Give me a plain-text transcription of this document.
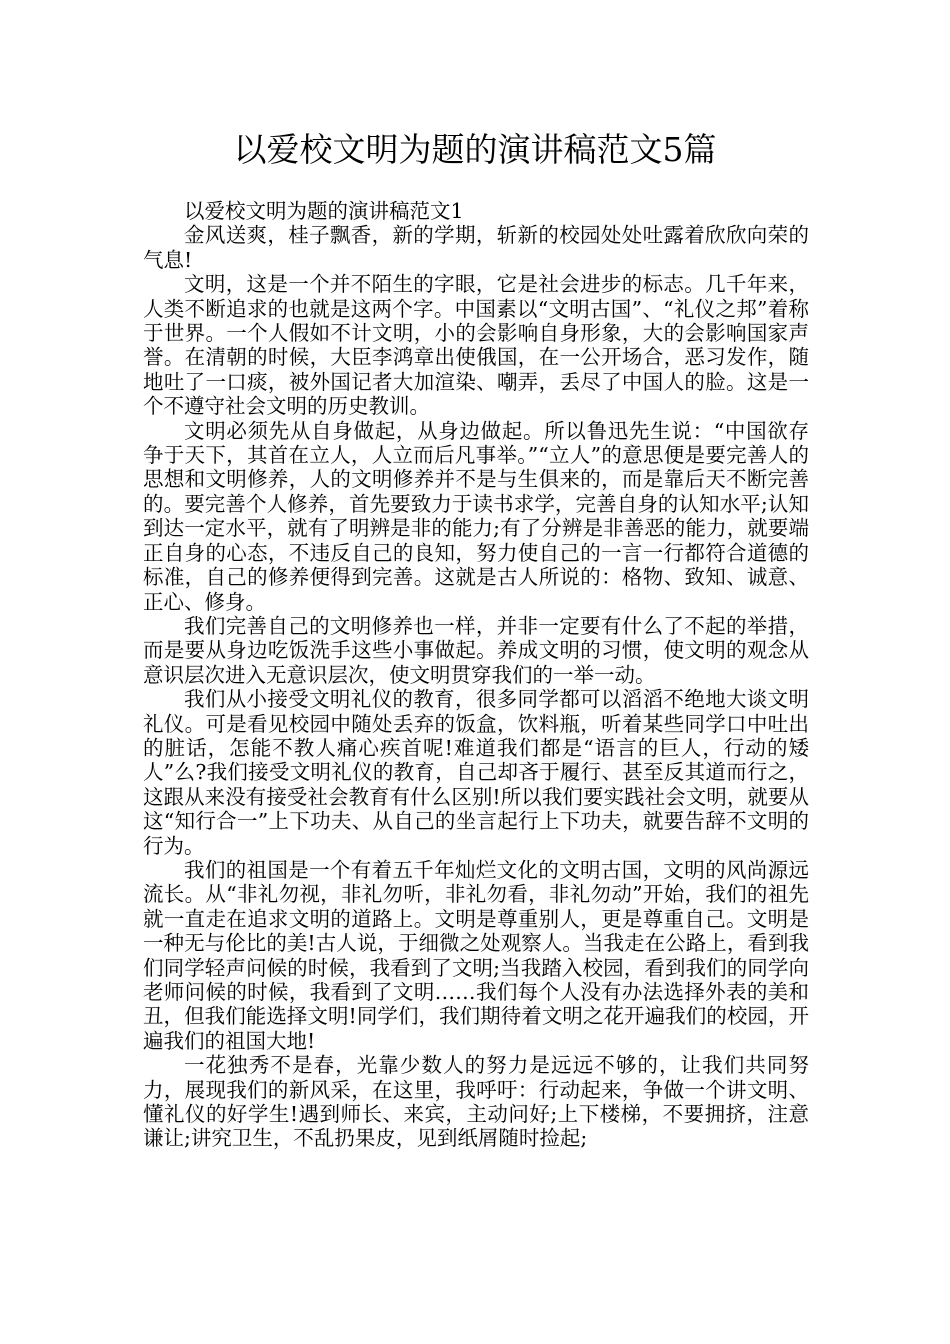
以爱校文明为题的演讲稿范文5篇

以爱校文明为题的演讲稿范文1

金风送爽，桂子飘香，新的学期，斩新的校园处处吐露着欣欣向荣的气息!

文明，这是一个并不陌生的字眼，它是社会进步的标志。几千年来，人类不断追求的也就是这两个字。中国素以“文明古国”、“礼仪之邦”着称于世界。一个人假如不计文明，小的会影响自身形象，大的会影响国家声誉。在清朝的时候，大臣李鸿章出使俄国，在一公开场合，恶习发作，随地吐了一口痰，被外国记者大加渲染、嘲弄，丢尽了中国人的脸。这是一个不遵守社会文明的历史教训。

文明必须先从自身做起，从身边做起。所以鲁迅先生说：“中国欲存争于天下，其首在立人，人立而后凡事举。”“立人”的意思便是要完善人的思想和文明修养，人的文明修养并不是与生俱来的，而是靠后天不断完善的。要完善个人修养，首先要致力于读书求学，完善自身的认知水平;认知到达一定水平，就有了明辨是非的能力;有了分辨是非善恶的能力，就要端正自身的心态，不违反自己的良知，努力使自己的一言一行都符合道德的标准，自己的修养便得到完善。这就是古人所说的：格物、致知、诚意、正心、修身。

我们完善自己的文明修养也一样，并非一定要有什么了不起的举措，而是要从身边吃饭洗手这些小事做起。养成文明的习惯，使文明的观念从意识层次进入无意识层次，使文明贯穿我们的一举一动。

我们从小接受文明礼仪的教育，很多同学都可以滔滔不绝地大谈文明礼仪。可是看见校园中随处丢弃的饭盒，饮料瓶，听着某些同学口中吐出的脏话，怎能不教人痛心疾首呢!难道我们都是“语言的巨人，行动的矮人”么?我们接受文明礼仪的教育，自己却吝于履行、甚至反其道而行之，这跟从来没有接受社会教育有什么区别!所以我们要实践社会文明，就要从这“知行合一”上下功夫、从自己的坐言起行上下功夫，就要告辞不文明的行为。

我们的祖国是一个有着五千年灿烂文化的文明古国，文明的风尚源远流长。从“非礼勿视，非礼勿听，非礼勿看，非礼勿动”开始，我们的祖先就一直走在追求文明的道路上。文明是尊重别人，更是尊重自己。文明是一种无与伦比的美!古人说，于细微之处观察人。当我走在公路上，看到我们同学轻声问候的时候，我看到了文明;当我踏入校园，看到我们的同学向老师问候的时候，我看到了文明……我们每个人没有办法选择外表的美和丑，但我们能选择文明!同学们，我们期待着文明之花开遍我们的校园，开遍我们的祖国大地!

一花独秀不是春，光靠少数人的努力是远远不够的，让我们共同努力，展现我们的新风采，在这里，我呼吁：行动起来，争做一个讲文明、懂礼仪的好学生!遇到师长、来宾，主动问好;上下楼梯，不要拥挤，注意谦让;讲究卫生，不乱扔果皮，见到纸屑随时捡起;
